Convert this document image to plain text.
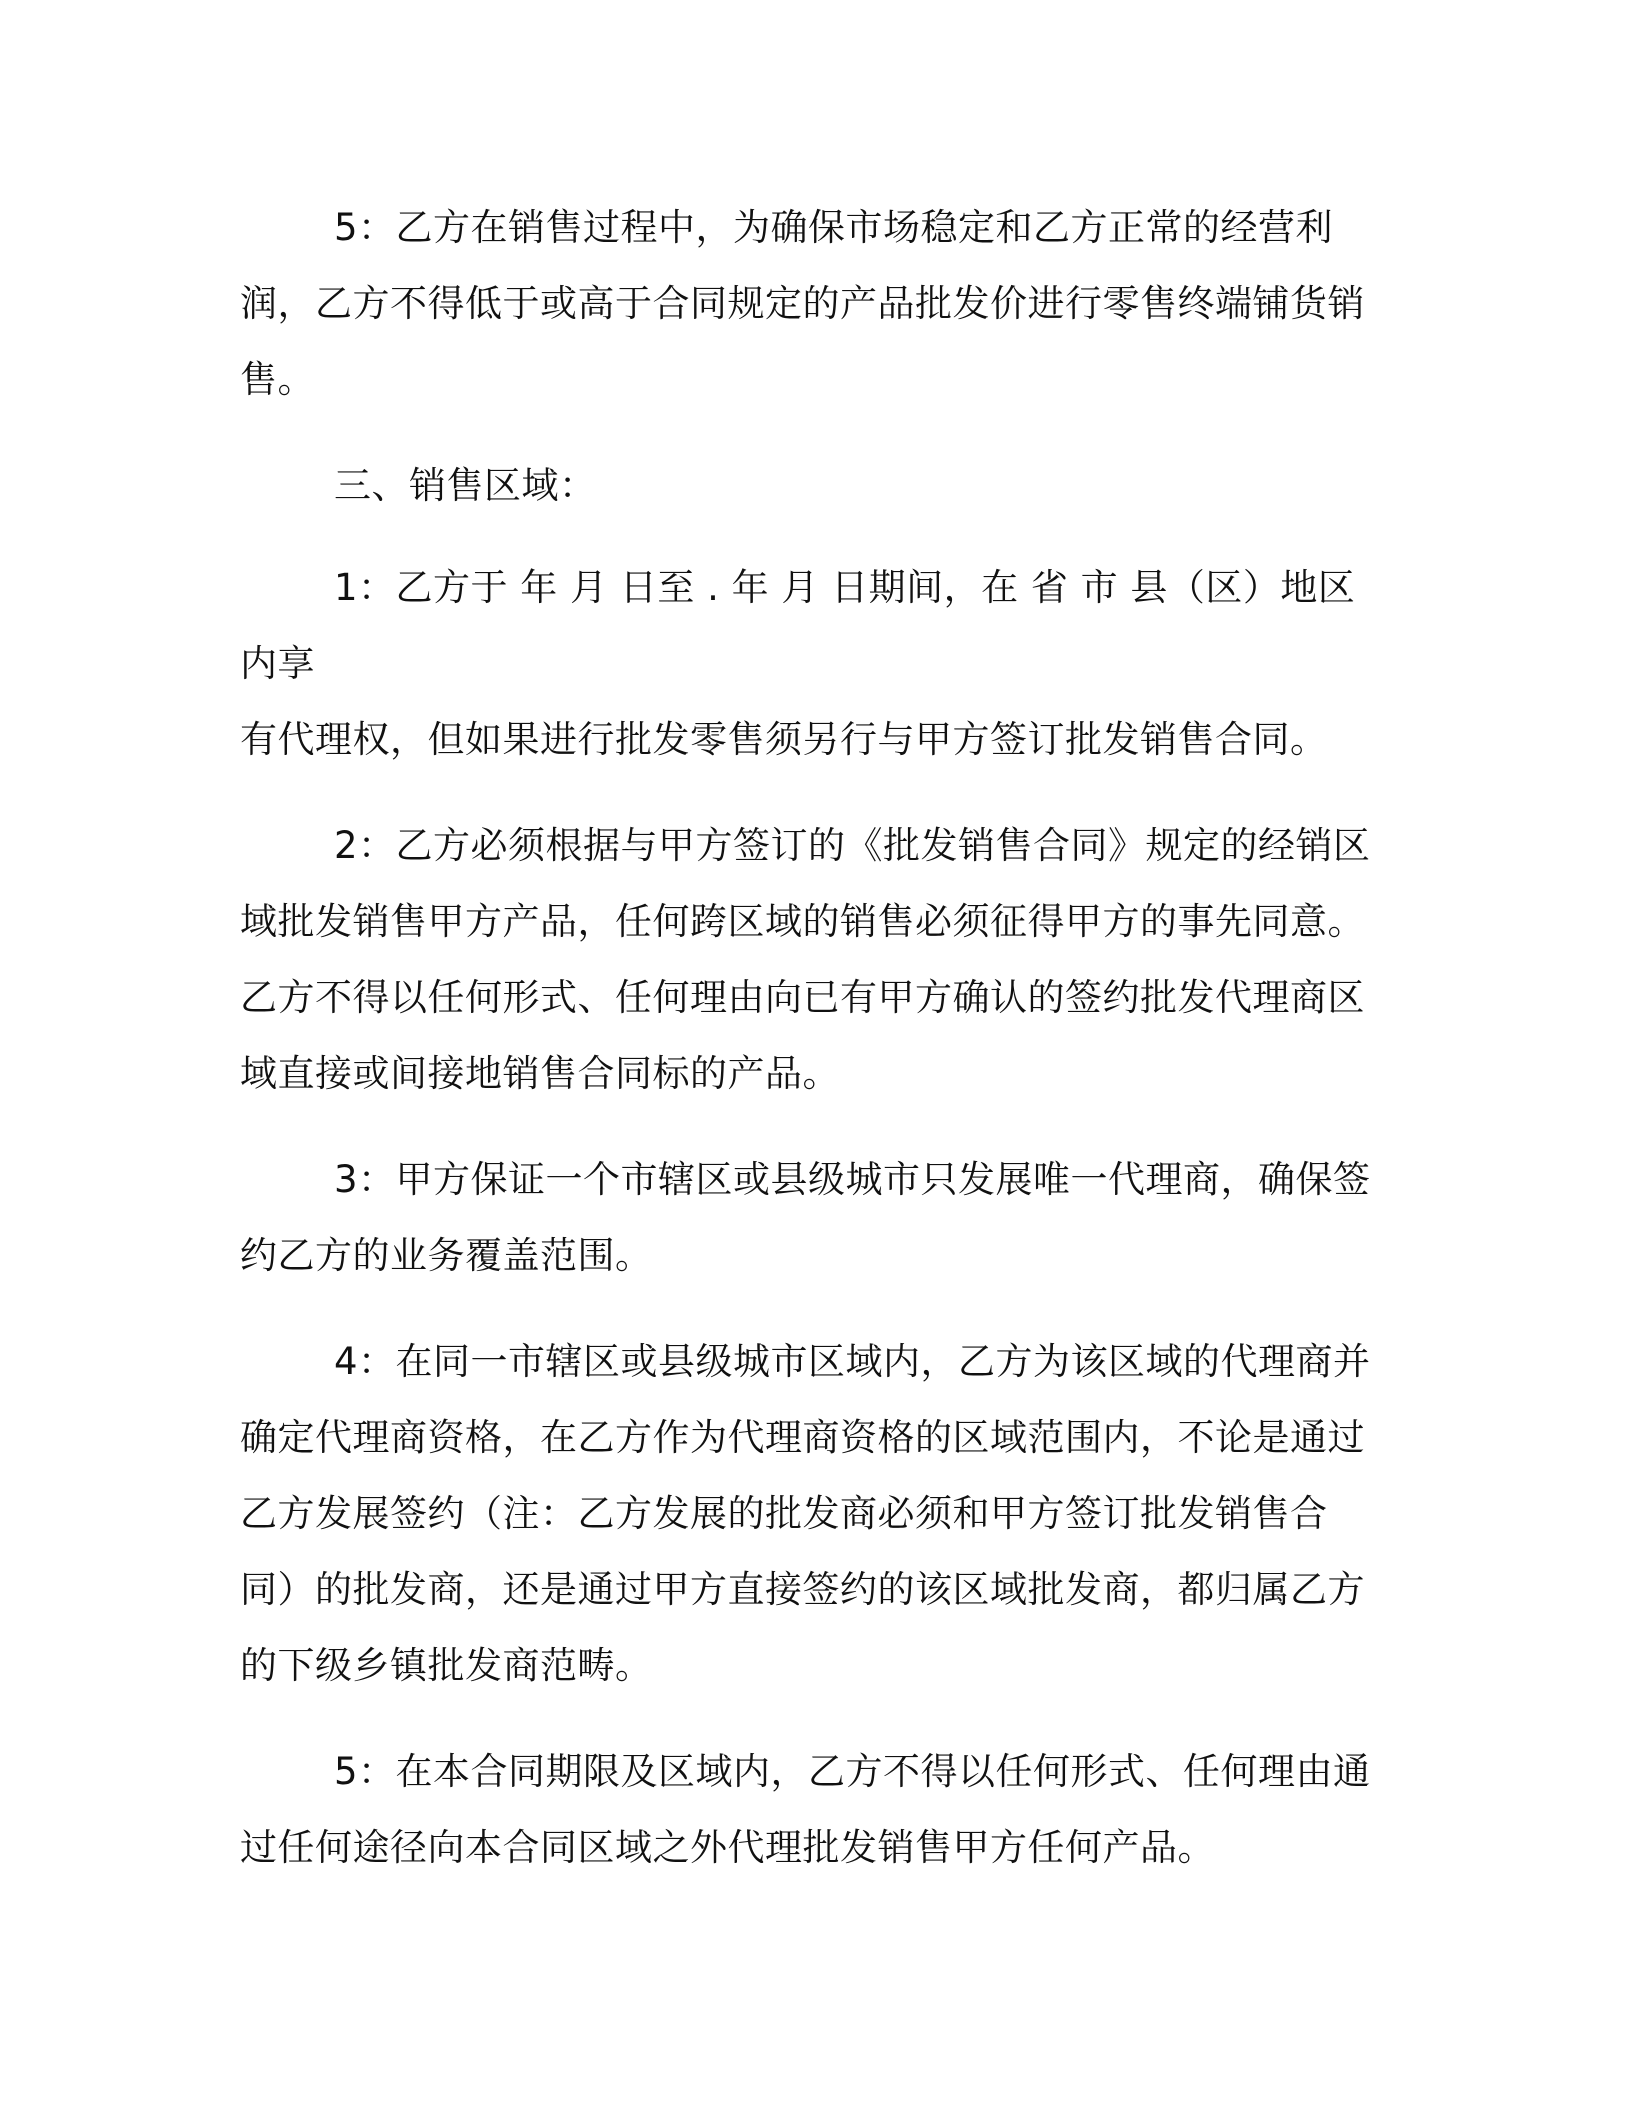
5：乙方在销售过程中，为确保市场稳定和乙方正常的经营利
润，乙方不得低于或高于合同规定的产品批发价进行零售终端铺货销
售。

三、销售区域：

1：乙方于 年 月 日至 . 年 月 日期间，在 省 市 县（区）地区内享
有代理权，但如果进行批发零售须另行与甲方签订批发销售合同。

2：乙方必须根据与甲方签订的《批发销售合同》规定的经销区
域批发销售甲方产品，任何跨区域的销售必须征得甲方的事先同意。
乙方不得以任何形式、任何理由向已有甲方确认的签约批发代理商区
域直接或间接地销售合同标的产品。

3：甲方保证一个市辖区或县级城市只发展唯一代理商，确保签
约乙方的业务覆盖范围。

4：在同一市辖区或县级城市区域内，乙方为该区域的代理商并
确定代理商资格，在乙方作为代理商资格的区域范围内，不论是通过
乙方发展签约（注：乙方发展的批发商必须和甲方签订批发销售合
同）的批发商，还是通过甲方直接签约的该区域批发商，都归属乙方
的下级乡镇批发商范畴。

5：在本合同期限及区域内，乙方不得以任何形式、任何理由通
过任何途径向本合同区域之外代理批发销售甲方任何产品。
